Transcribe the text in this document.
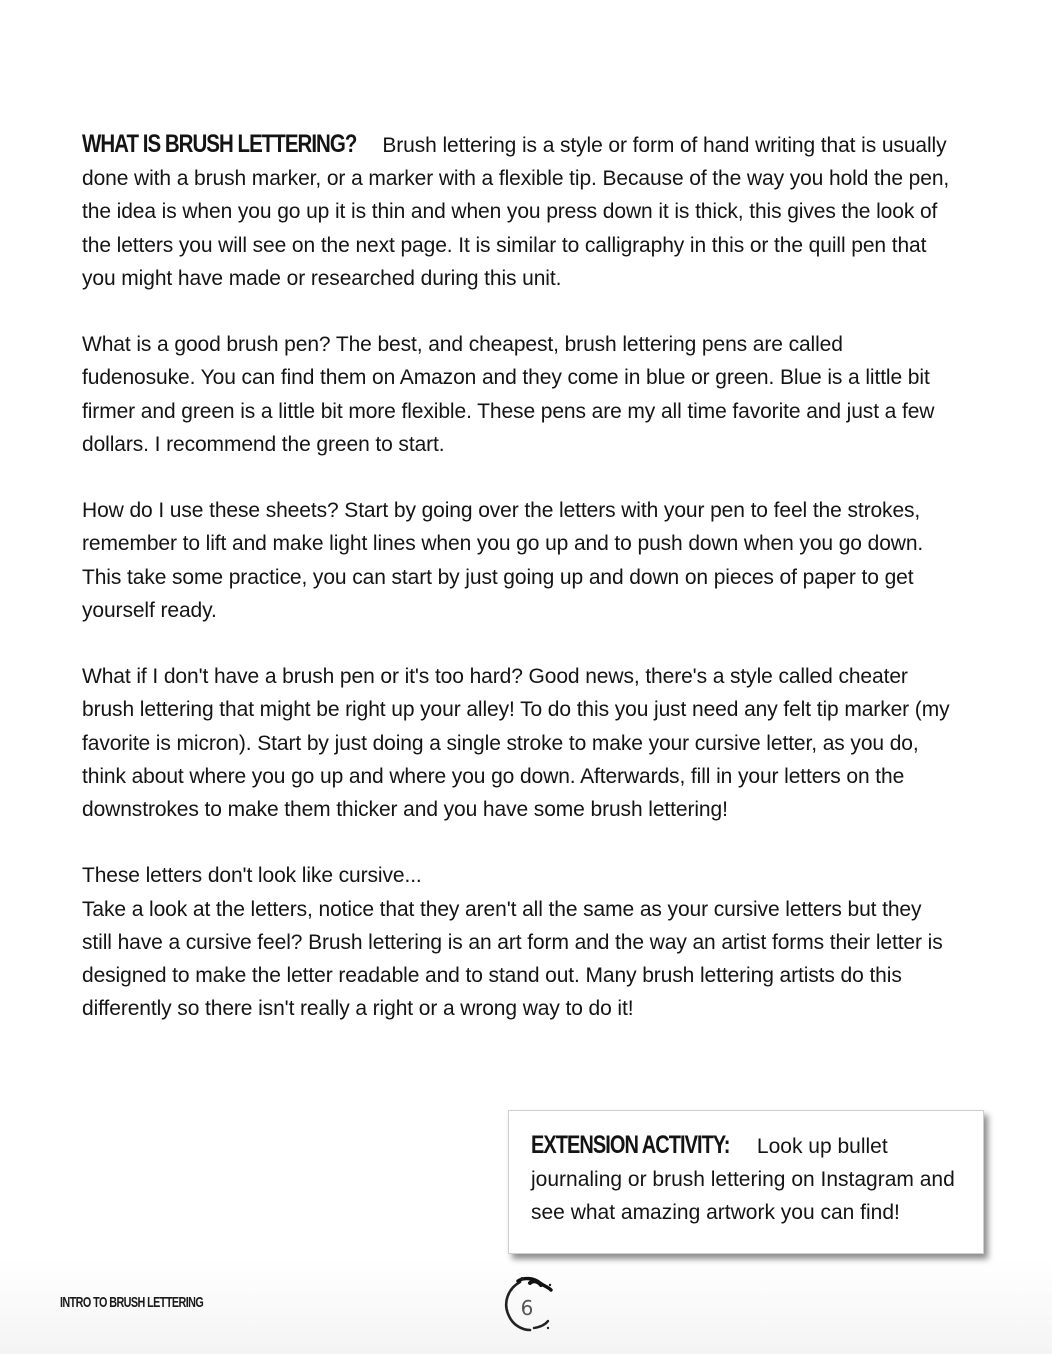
WHAT IS BRUSH LETTERING? Brush lettering is a style or form of hand writing that is usually done with a brush marker, or a marker with a flexible tip. Because of the way you hold the pen, the idea is when you go up it is thin and when you press down it is thick, this gives the look of the letters you will see on the next page. It is similar to calligraphy in this or the quill pen that you might have made or researched during this unit.

What is a good brush pen? The best, and cheapest, brush lettering pens are called fudenosuke. You can find them on Amazon and they come in blue or green. Blue is a little bit firmer and green is a little bit more flexible. These pens are my all time favorite and just a few dollars. I recommend the green to start.

How do I use these sheets? Start by going over the letters with your pen to feel the strokes, remember to lift and make light lines when you go up and to push down when you go down. This take some practice, you can start by just going up and down on pieces of paper to get yourself ready.

What if I don't have a brush pen or it's too hard? Good news, there's a style called cheater brush lettering that might be right up your alley! To do this you just need any felt tip marker (my favorite is micron). Start by just doing a single stroke to make your cursive letter, as you do, think about where you go up and where you go down. Afterwards, fill in your letters on the downstrokes to make them thicker and you have some brush lettering!

These letters don't look like cursive...

Take a look at the letters, notice that they aren't all the same as your cursive letters but they still have a cursive feel? Brush lettering is an art form and the way an artist forms their letter is designed to make the letter readable and to stand out. Many brush lettering artists do this differently so there isn't really a right or a wrong way to do it!

EXTENSION ACTIVITY: Look up bullet journaling or brush lettering on Instagram and see what amazing artwork you can find!
INTRO TO BRUSH LETTERING	6
